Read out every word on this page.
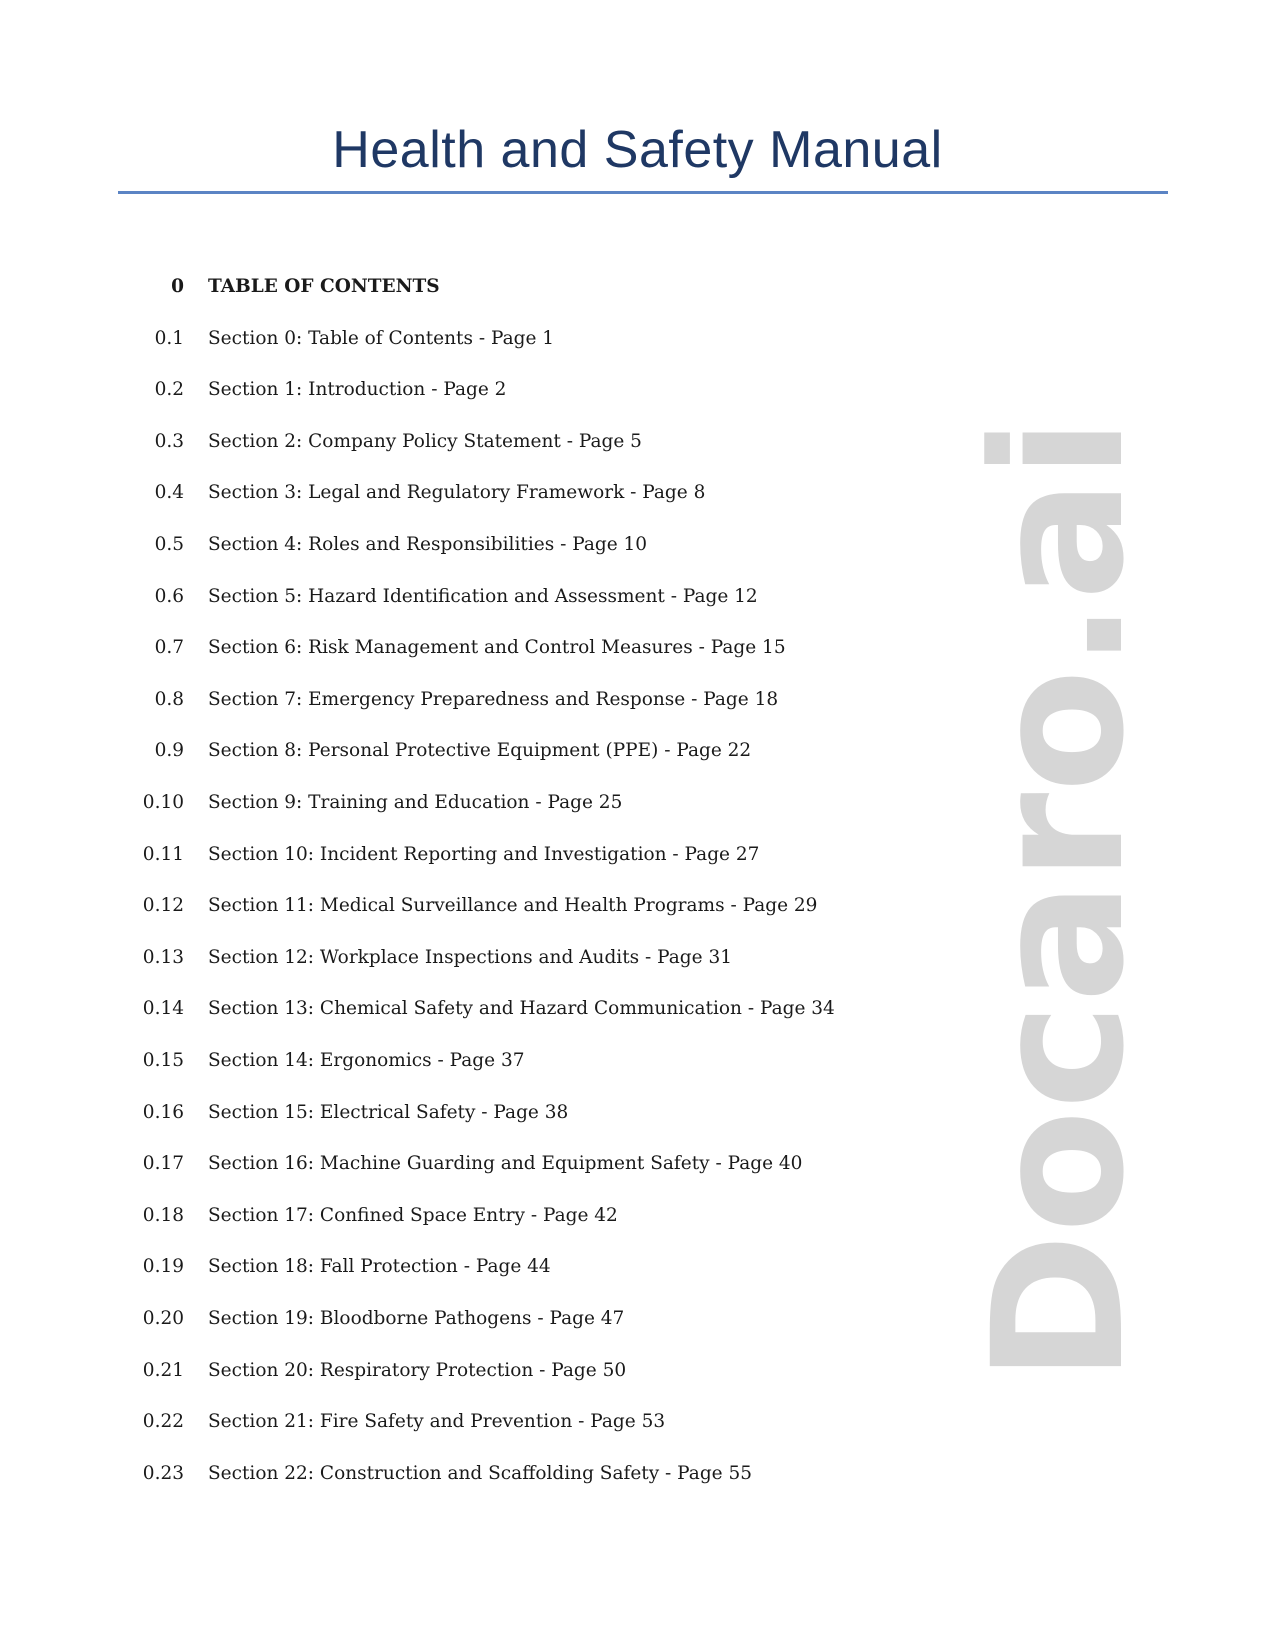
Docaro.ai
Health and Safety Manual
0 TABLE OF CONTENTS
0.1 Section 0: Table of Contents - Page 1
0.2 Section 1: Introduction - Page 2
0.3 Section 2: Company Policy Statement - Page 5
0.4 Section 3: Legal and Regulatory Framework - Page 8
0.5 Section 4: Roles and Responsibilities - Page 10
0.6 Section 5: Hazard Identification and Assessment - Page 12
0.7 Section 6: Risk Management and Control Measures - Page 15
0.8 Section 7: Emergency Preparedness and Response - Page 18
0.9 Section 8: Personal Protective Equipment (PPE) - Page 22
0.10 Section 9: Training and Education - Page 25
0.11 Section 10: Incident Reporting and Investigation - Page 27
0.12 Section 11: Medical Surveillance and Health Programs - Page 29
0.13 Section 12: Workplace Inspections and Audits - Page 31
0.14 Section 13: Chemical Safety and Hazard Communication - Page 34
0.15 Section 14: Ergonomics - Page 37
0.16 Section 15: Electrical Safety - Page 38
0.17 Section 16: Machine Guarding and Equipment Safety - Page 40
0.18 Section 17: Confined Space Entry - Page 42
0.19 Section 18: Fall Protection - Page 44
0.20 Section 19: Bloodborne Pathogens - Page 47
0.21 Section 20: Respiratory Protection - Page 50
0.22 Section 21: Fire Safety and Prevention - Page 53
0.23 Section 22: Construction and Scaffolding Safety - Page 55
